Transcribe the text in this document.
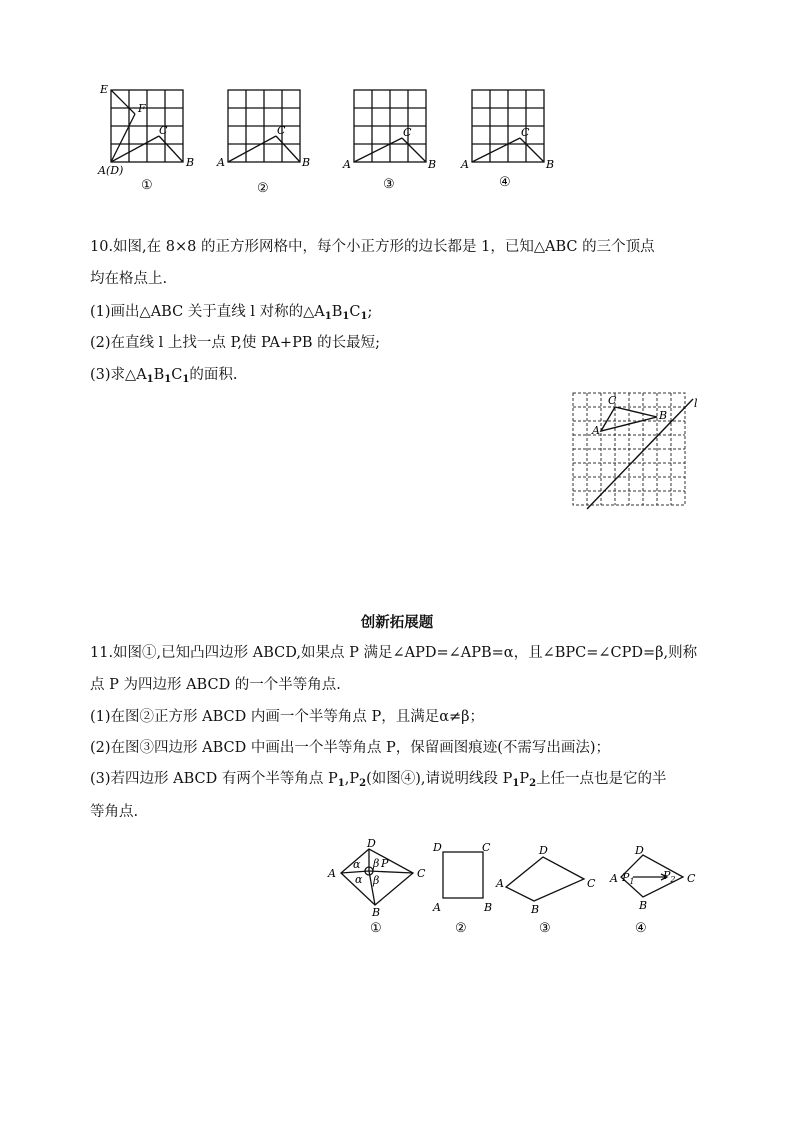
E
F
C
A(D)
B
①
C
A	B
②
C
A	B
③
C
A	B
④
10.如图,在 8×8 的正方形网格中，每个小正方形的边长都是 1，已知△ABC 的三个顶点
均在格点上.
(1)画出△ABC 关于直线 l 对称的$\triangle A_1B_1C_1$;
(2)在直线 l 上找一点 P,使 PA+PB 的长最短;
(3)求$\triangle A_1B_1C_1$的面积.
C
B
A
l
创新拓展题
11.如图①,已知凸四边形 ABCD,如果点 P 满足∠APD=∠APB=α，且∠BPC=∠CPD=β,则称
点 P 为四边形 ABCD 的一个半等角点.
(1)在图②正方形 ABCD 内画一个半等角点 P，且满足α≠β；
(2)在图③四边形 ABCD 中画出一个半等角点 P，保留画图痕迹(不需写出画法)；
(3)若四边形 ABCD 有两个半等角点 $P_1,P_2$(如图④),请说明线段 $P_1P_2$上任一点也是它的半
等角点.
D
A	C
B
P
α
α
β
β
①
D	C
A	B
②
D
A	C
B
③
D
A	C
B
$P_1$	$P_2$
④
